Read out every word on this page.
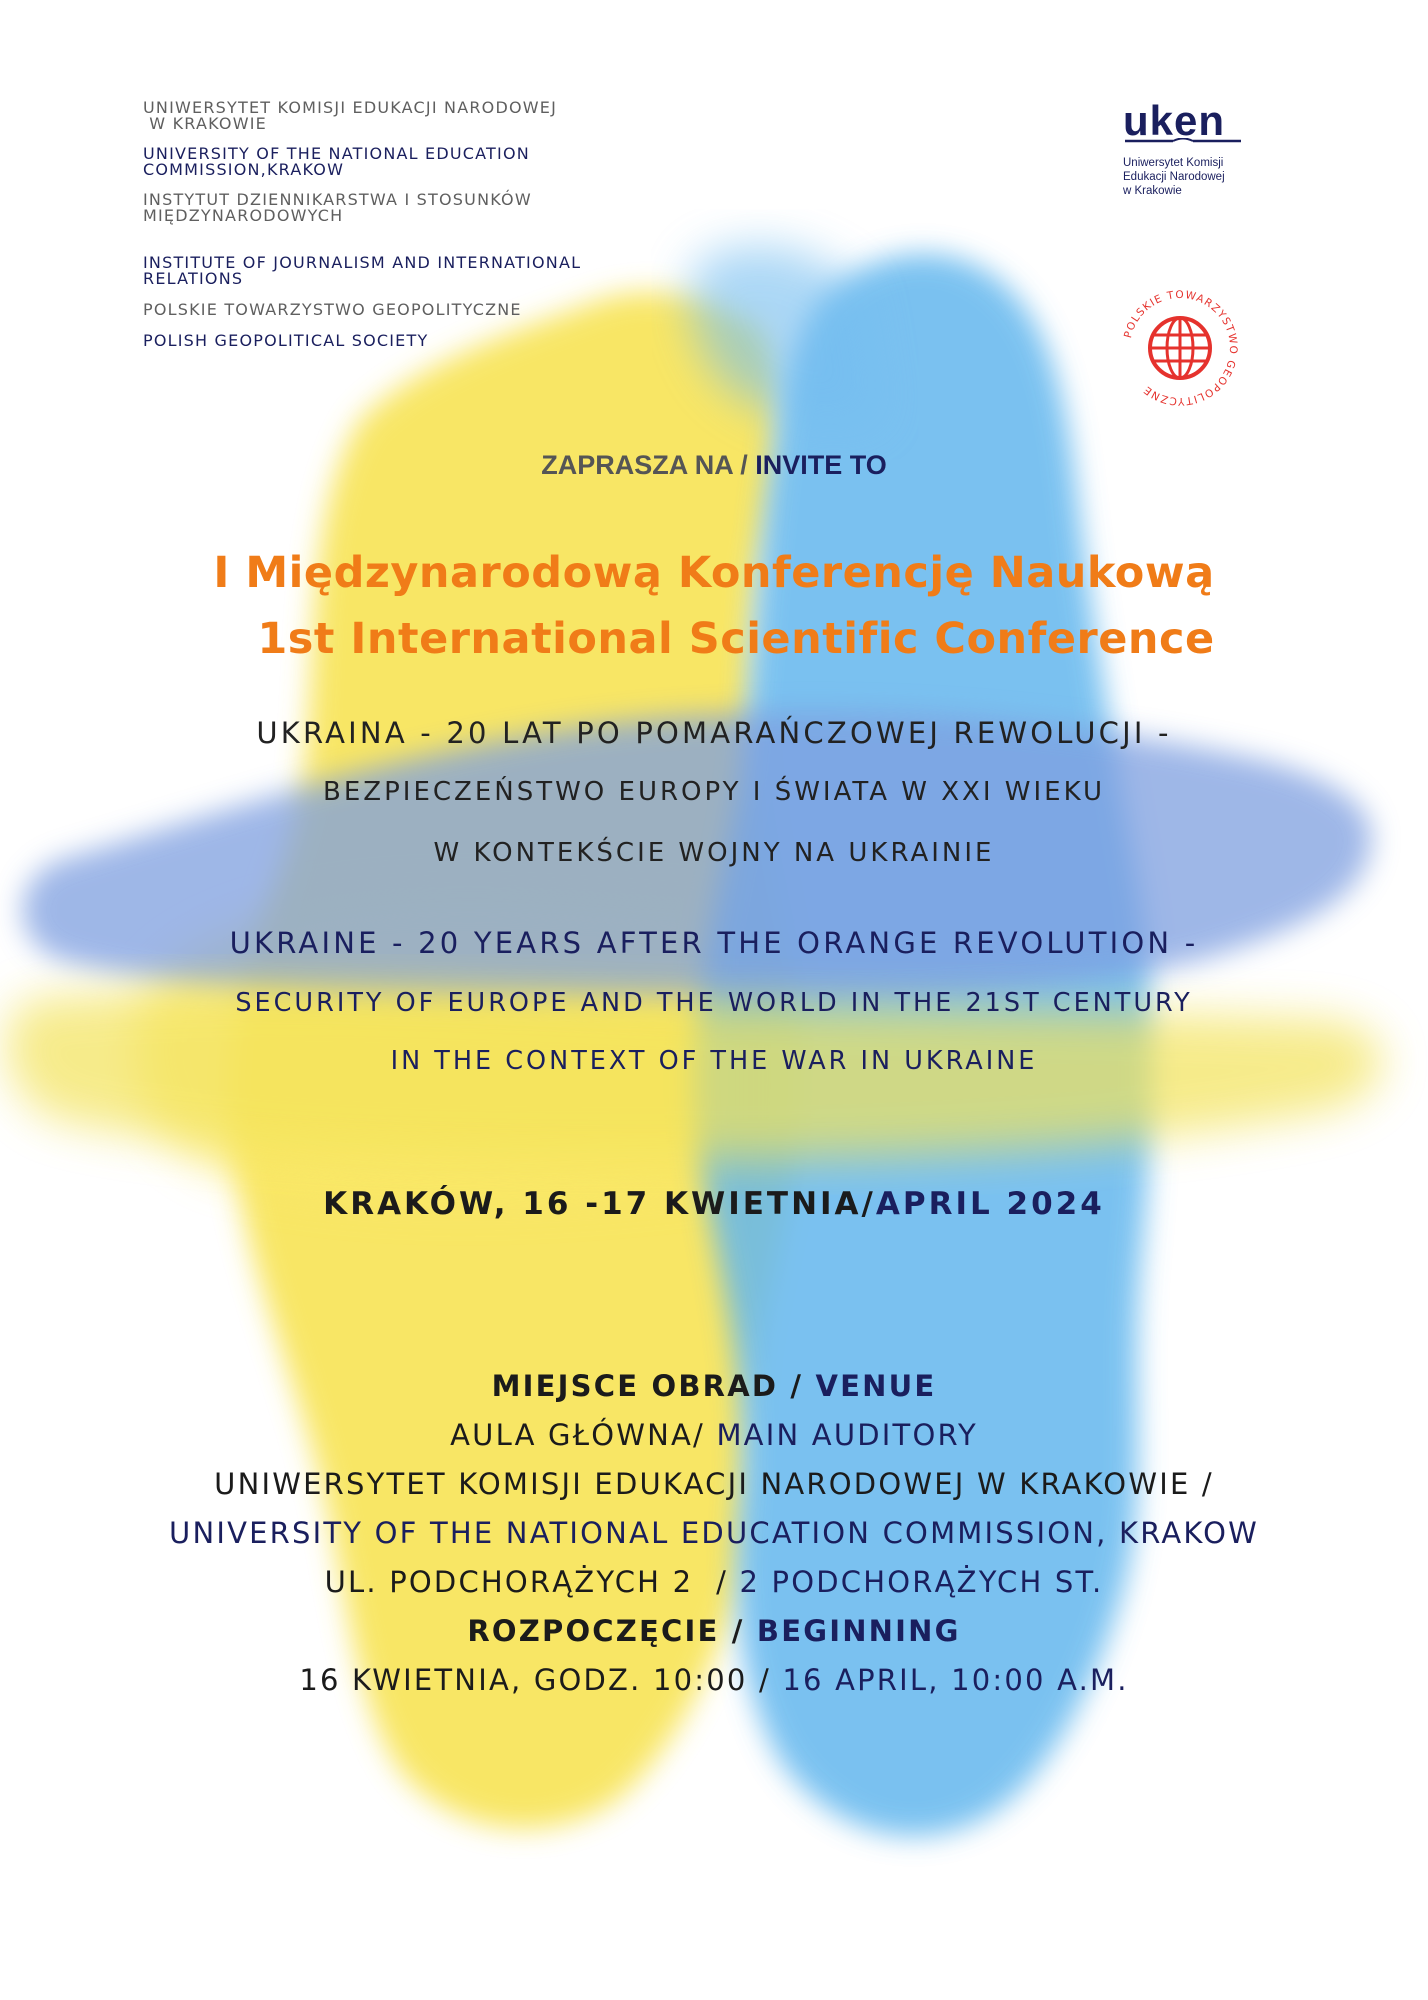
UNIWERSYTET KOMISJI EDUKACJI NARODOWEJ
W KRAKOWIE
UNIVERSITY OF THE NATIONAL EDUCATION
COMMISSION,KRAKOW
INSTYTUT DZIENNIKARSTWA I STOSUNKÓW
MIĘDZYNARODOWYCH
INSTITUTE OF JOURNALISM AND INTERNATIONAL
RELATIONS
POLSKIE TOWARZYSTWO GEOPOLITYCZNE
POLISH GEOPOLITICAL SOCIETY
uken
Uniwersytet Komisji
Edukacji Narodowej
w Krakowie
POLSKIE TOWARZYSTWO GEOPOLITYCZNE
ZAPRASZA NA / INVITE TO
I Międzynarodową Konferencję Naukową
1st International Scientific Conference
UKRAINA - 20 LAT PO POMARAŃCZOWEJ REWOLUCJI -
BEZPIECZEŃSTWO EUROPY I ŚWIATA W XXI WIEKU
W KONTEKŚCIE WOJNY NA UKRAINIE
UKRAINE - 20 YEARS AFTER THE ORANGE REVOLUTION -
SECURITY OF EUROPE AND THE WORLD IN THE 21ST CENTURY
IN THE CONTEXT OF THE WAR IN UKRAINE
KRAKÓW, 16 -17 KWIETNIA/APRIL 2024
MIEJSCE OBRAD / VENUE
AULA GŁÓWNA/ MAIN AUDITORY
UNIWERSYTET KOMISJI EDUKACJI NARODOWEJ W KRAKOWIE /
UNIVERSITY OF THE NATIONAL EDUCATION COMMISSION, KRAKOW
UL. PODCHORĄŻYCH 2  / 2 PODCHORĄŻYCH ST.
ROZPOCZĘCIE / BEGINNING
16 KWIETNIA, GODZ. 10:00 / 16 APRIL, 10:00 A.M.
